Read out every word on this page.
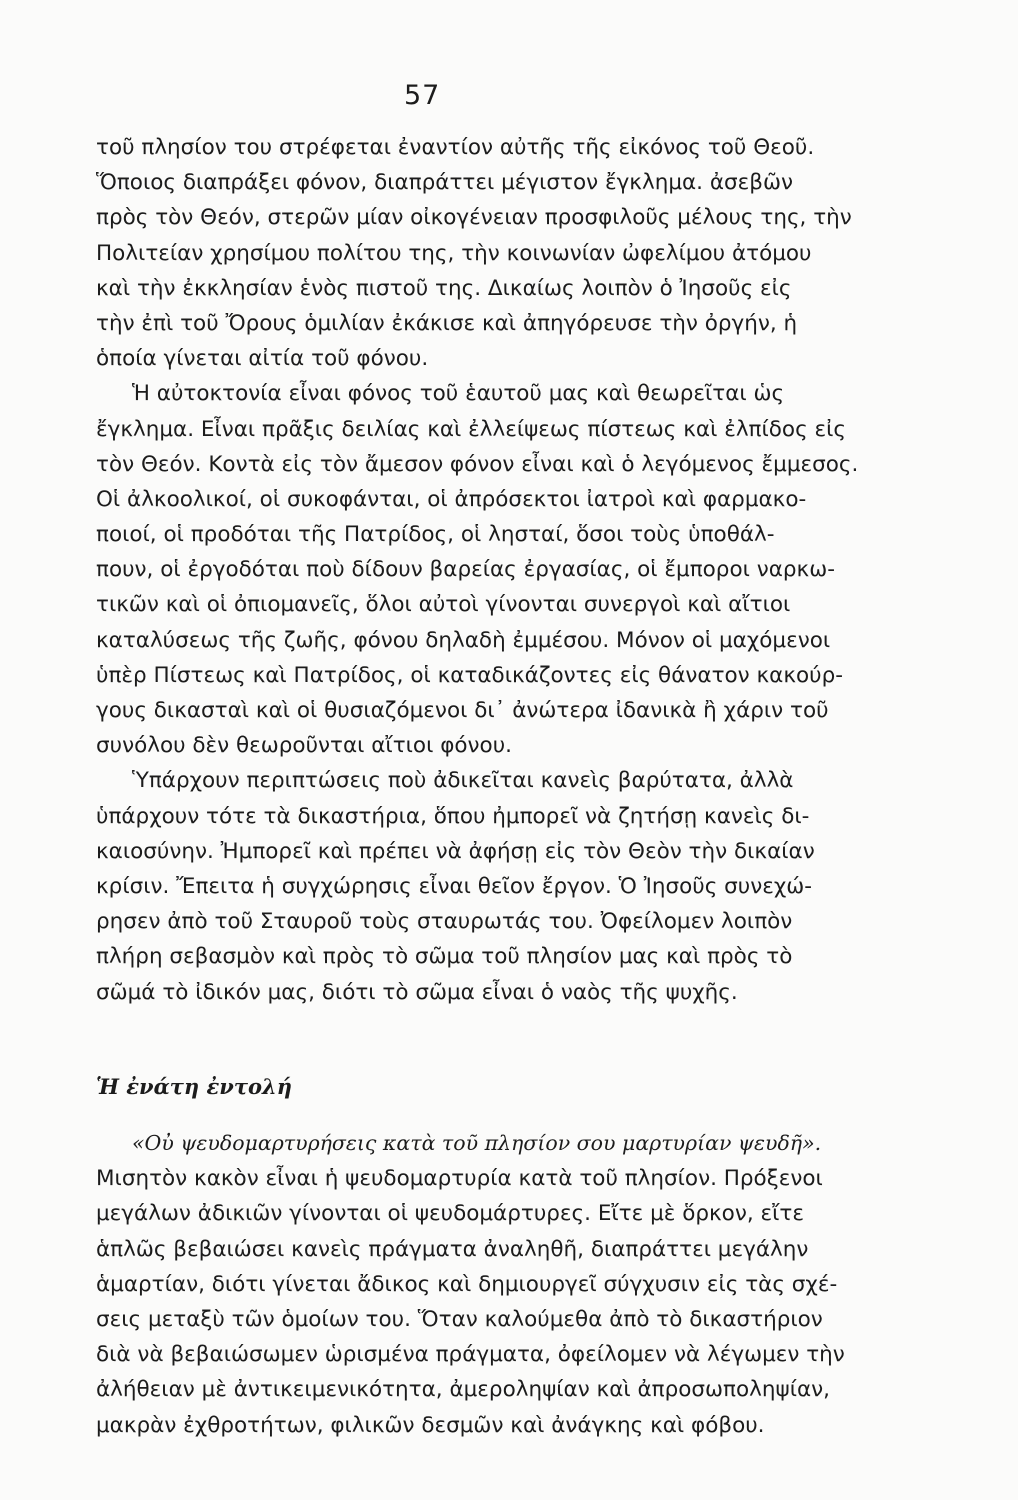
57
τοῦ πλησίον του στρέφεται ἐναντίον αὐτῆς τῆς εἰκόνος τοῦ Θεοῦ.
Ὅποιος διαπράξει φόνον, διαπράττει μέγιστον ἔγκλημα. ἀσεβῶν
πρὸς τὸν Θεόν, στερῶν μίαν οἰκογένειαν προσφιλοῦς μέλους της, τὴν
Πολιτείαν χρησίμου πολίτου της, τὴν κοινωνίαν ὠφελίμου ἀτόμου
καὶ τὴν ἐκκλησίαν ἑνὸς πιστοῦ της. Δικαίως λοιπὸν ὁ Ἰησοῦς εἰς
τὴν ἐπὶ τοῦ Ὄρους ὁμιλίαν ἐκάκισε καὶ ἀπηγόρευσε τὴν ὀργήν, ἡ
ὁποία γίνεται αἰτία τοῦ φόνου.
Ἡ αὐτοκτονία εἶναι φόνος τοῦ ἑαυτοῦ μας καὶ θεωρεῖται ὡς
ἔγκλημα. Εἶναι πρᾶξις δειλίας καὶ ἐλλείψεως πίστεως καὶ ἐλπίδος εἰς
τὸν Θεόν. Κοντὰ εἰς τὸν ἄμεσον φόνον εἶναι καὶ ὁ λεγόμενος ἔμμεσος.
Οἱ ἀλκοολικοί, οἱ συκοφάνται, οἱ ἀπρόσεκτοι ἰατροὶ καὶ φαρμακο-
ποιοί, οἱ προδόται τῆς Πατρίδος, οἱ λησταί, ὅσοι τοὺς ὑποθάλ-
πουν, οἱ ἐργοδόται ποὺ δίδουν βαρείας ἐργασίας, οἱ ἔμποροι ναρκω-
τικῶν καὶ οἱ ὀπιομανεῖς, ὅλοι αὐτοὶ γίνονται συνεργοὶ καὶ αἴτιοι
καταλύσεως τῆς ζωῆς, φόνου δηλαδὴ ἐμμέσου. Μόνον οἱ μαχόμενοι
ὑπὲρ Πίστεως καὶ Πατρίδος, οἱ καταδικάζοντες εἰς θάνατον κακούρ-
γους δικασταὶ καὶ οἱ θυσιαζόμενοι δι᾽ ἀνώτερα ἰδανικὰ ἢ χάριν τοῦ
συνόλου δὲν θεωροῦνται αἴτιοι φόνου.
Ὑπάρχουν περιπτώσεις ποὺ ἀδικεῖται κανεὶς βαρύτατα, ἀλλὰ
ὑπάρχουν τότε τὰ δικαστήρια, ὅπου ἠμπορεῖ νὰ ζητήσῃ κανεὶς δι-
καιοσύνην. Ἠμπορεῖ καὶ πρέπει νὰ ἀφήσῃ εἰς τὸν Θεὸν τὴν δικαίαν
κρίσιν. Ἔπειτα ἡ συγχώρησις εἶναι θεῖον ἔργον. Ὁ Ἰησοῦς συνεχώ-
ρησεν ἀπὸ τοῦ Σταυροῦ τοὺς σταυρωτάς του. Ὀφείλομεν λοιπὸν
πλήρη σεβασμὸν καὶ πρὸς τὸ σῶμα τοῦ πλησίον μας καὶ πρὸς τὸ
σῶμά τὸ ἰδικόν μας, διότι τὸ σῶμα εἶναι ὁ ναὸς τῆς ψυχῆς.
Ἡ ἐνάτη ἐντολή
«Οὐ ψευδομαρτυρήσεις κατὰ τοῦ πλησίον σου μαρτυρίαν ψευδῆ».
Μισητὸν κακὸν εἶναι ἡ ψευδομαρτυρία κατὰ τοῦ πλησίον. Πρόξενοι
μεγάλων ἀδικιῶν γίνονται οἱ ψευδομάρτυρες. Εἴτε μὲ ὅρκον, εἴτε
ἁπλῶς βεβαιώσει κανεὶς πράγματα ἀναληθῆ, διαπράττει μεγάλην
ἁμαρτίαν, διότι γίνεται ἄδικος καὶ δημιουργεῖ σύγχυσιν εἰς τὰς σχέ-
σεις μεταξὺ τῶν ὁμοίων του. Ὅταν καλούμεθα ἀπὸ τὸ δικαστήριον
διὰ νὰ βεβαιώσωμεν ὡρισμένα πράγματα, ὀφείλομεν νὰ λέγωμεν τὴν
ἀλήθειαν μὲ ἀντικειμενικότητα, ἀμεροληψίαν καὶ ἀπροσωποληψίαν,
μακρὰν ἐχθροτήτων, φιλικῶν δεσμῶν καὶ ἀνάγκης καὶ φόβου.
